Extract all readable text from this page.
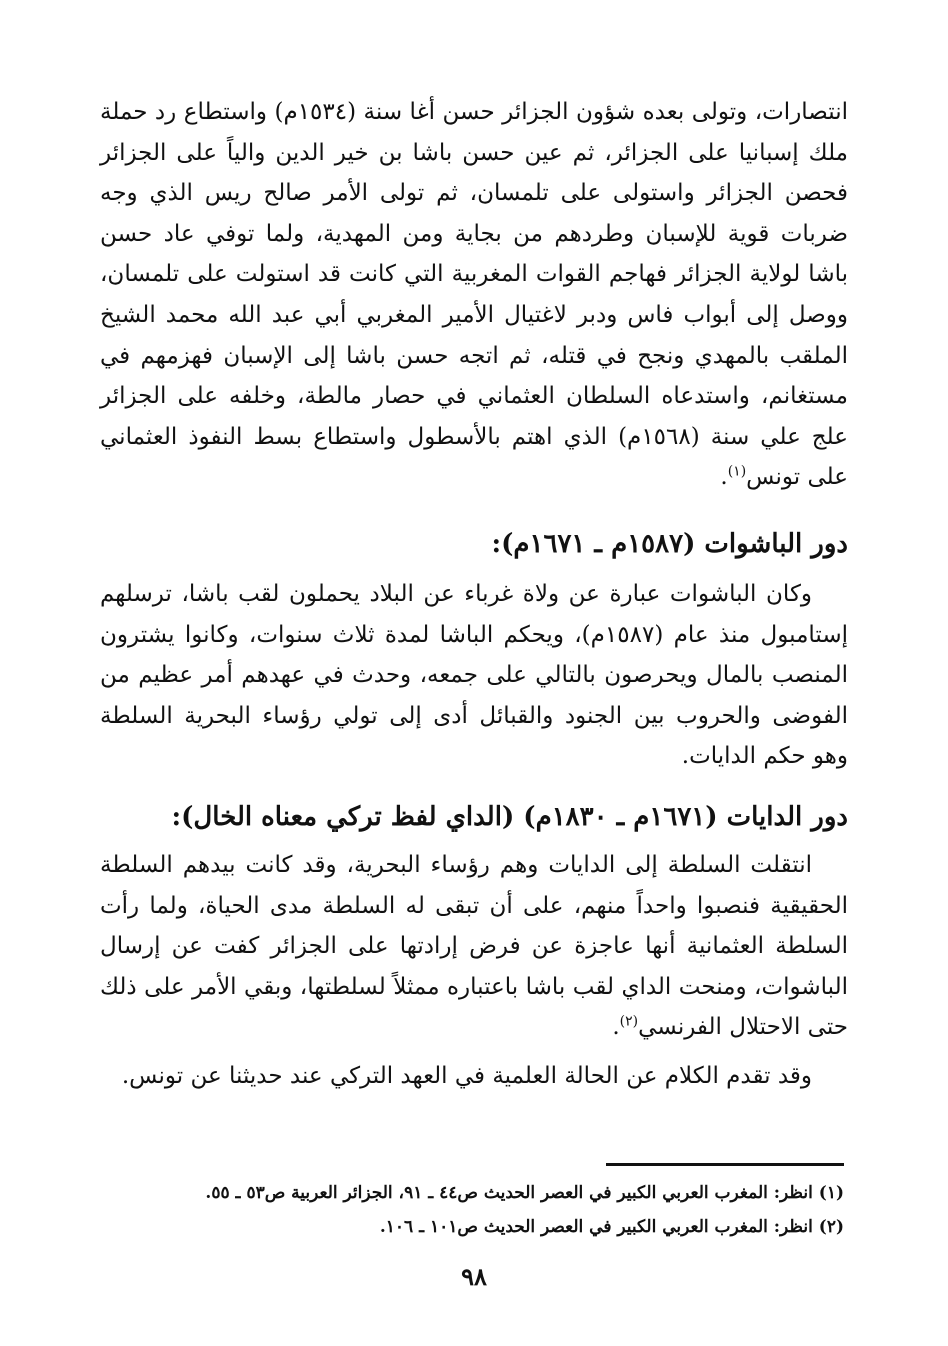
انتصارات، وتولى بعده شؤون الجزائر حسن أغا سنة (١٥٣٤م) واستطاع رد حملة ملك إسبانيا على الجزائر، ثم عين حسن باشا بن خير الدين والياً على الجزائر فحصن الجزائر واستولى على تلمسان، ثم تولى الأمر صالح ريس الذي وجه ضربات قوية للإسبان وطردهم من بجاية ومن المهدية، ولما توفي عاد حسن باشا لولاية الجزائر فهاجم القوات المغربية التي كانت قد استولت على تلمسان، ووصل إلى أبواب فاس ودبر لاغتيال الأمير المغربي أبي عبد الله محمد الشيخ الملقب بالمهدي ونجح في قتله، ثم اتجه حسن باشا إلى الإسبان فهزمهم في مستغانم، واستدعاه السلطان العثماني في حصار مالطة، وخلفه على الجزائر علج علي سنة (١٥٦٨م) الذي اهتم بالأسطول واستطاع بسط النفوذ العثماني على تونس$^{(١)}$.

دور الباشوات (١٥٨٧م ـ ١٦٧١م):

وكان الباشوات عبارة عن ولاة غرباء عن البلاد يحملون لقب باشا، ترسلهم إستامبول منذ عام (١٥٨٧م)، ويحكم الباشا لمدة ثلاث سنوات، وكانوا يشترون المنصب بالمال ويحرصون بالتالي على جمعه، وحدث في عهدهم أمر عظيم من الفوضى والحروب بين الجنود والقبائل أدى إلى تولي رؤساء البحرية السلطة وهو حكم الدايات.

دور الدايات (١٦٧١م ـ ١٨٣٠م) (الداي لفظ تركي معناه الخال):

انتقلت السلطة إلى الدايات وهم رؤساء البحرية، وقد كانت بيدهم السلطة الحقيقية فنصبوا واحداً منهم، على أن تبقى له السلطة مدى الحياة، ولما رأت السلطة العثمانية أنها عاجزة عن فرض إرادتها على الجزائر كفت عن إرسال الباشوات، ومنحت الداي لقب باشا باعتباره ممثلاً لسلطتها، وبقي الأمر على ذلك حتى الاحتلال الفرنسي$^{(٢)}$.

وقد تقدم الكلام عن الحالة العلمية في العهد التركي عند حديثنا عن تونس.

(١) انظر: المغرب العربي الكبير في العصر الحديث ص٤٤ ـ ٩١، الجزائر العربية ص٥٣ ـ ٥٥.

(٢) انظر: المغرب العربي الكبير في العصر الحديث ص١٠١ ـ ١٠٦.

٩٨
